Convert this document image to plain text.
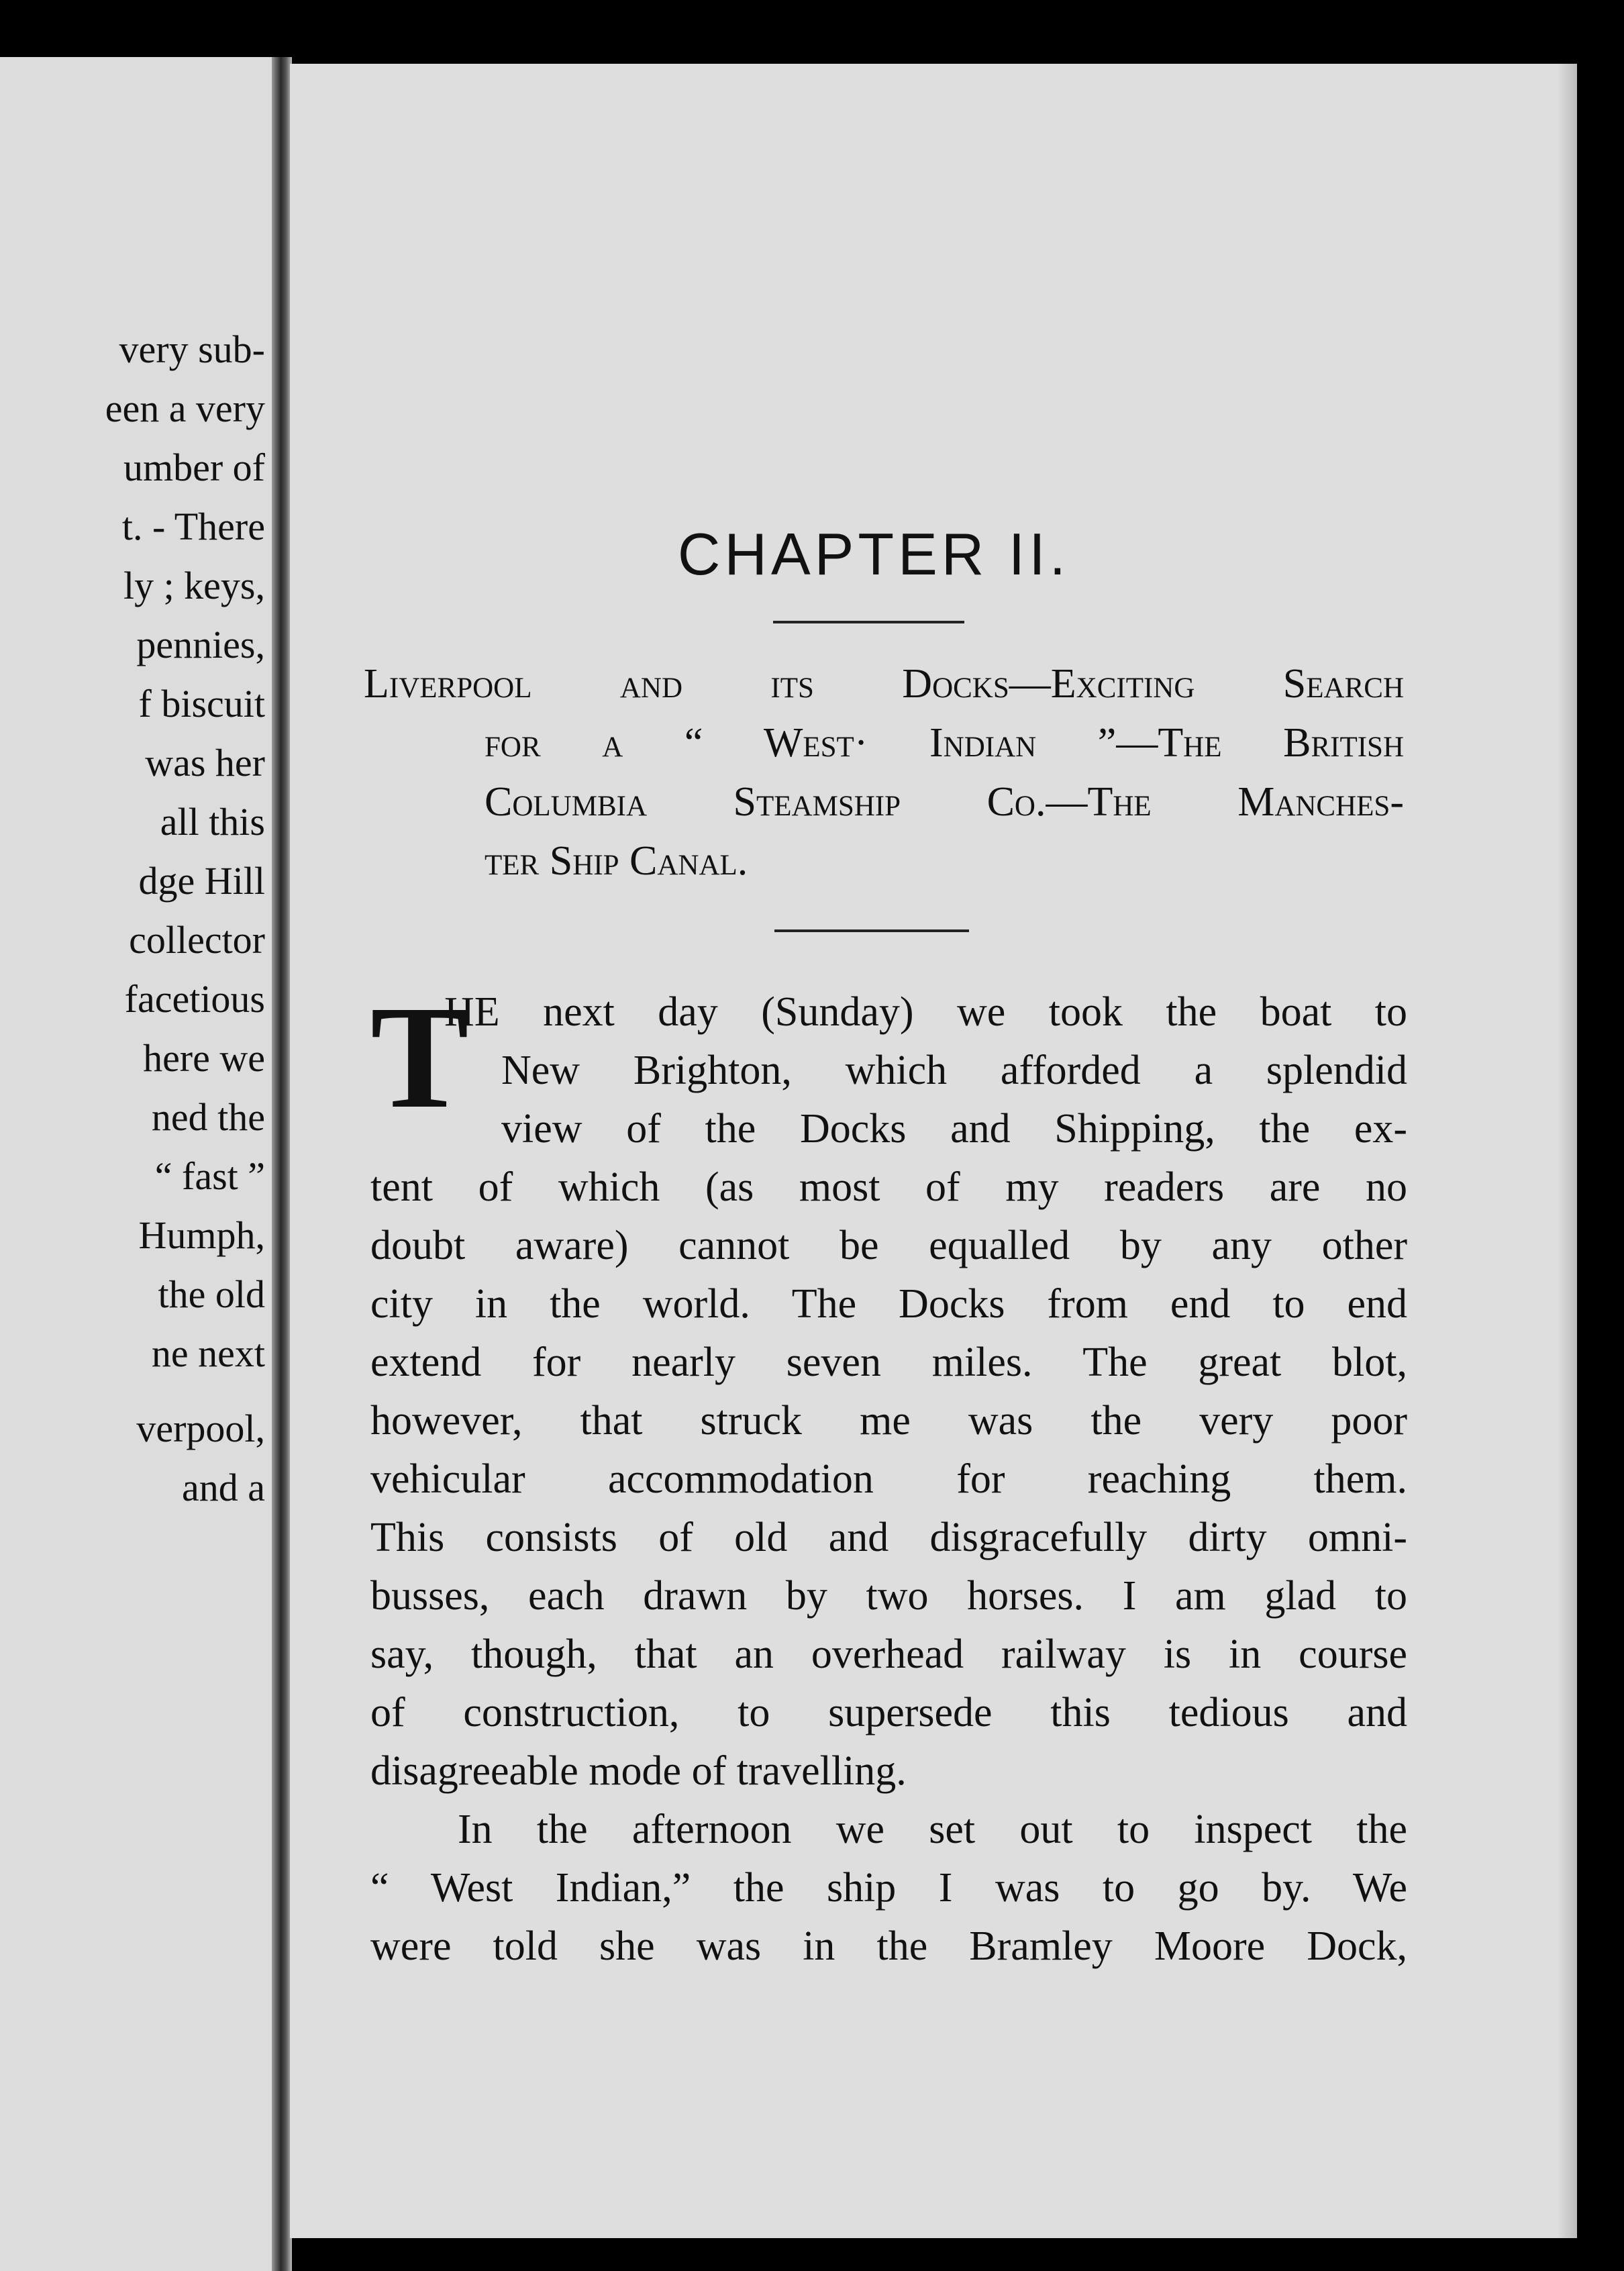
very sub-
een a very
umber of
t. - There
ly ; keys,
pennies,
f biscuit
was her
all this
dge Hill
collector
facetious
here we
ned the
“ fast ”
Humph,
the old
ne next
verpool,
and a
CHAPTER II.
Liverpool and its Docks—Exciting Search
for a “ West· Indian ”—The British
Columbia Steamship Co.—The Manches-
ter Ship Canal.
T
HE next day (Sunday) we took the boat to
New Brighton, which afforded a splendid
view of the Docks and Shipping, the ex-
tent of which (as most of my readers are no
doubt aware) cannot be equalled by any other
city in the world. The Docks from end to end
extend for nearly seven miles. The great blot,
however, that struck me was the very poor
vehicular accommodation for reaching them.
This consists of old and disgracefully dirty omni-
busses, each drawn by two horses. I am glad to
say, though, that an overhead railway is in course
of construction, to supersede this tedious and
disagreeable mode of travelling.
In the afternoon we set out to inspect the
“ West Indian,” the ship I was to go by. We
were told she was in the Bramley Moore Dock,
